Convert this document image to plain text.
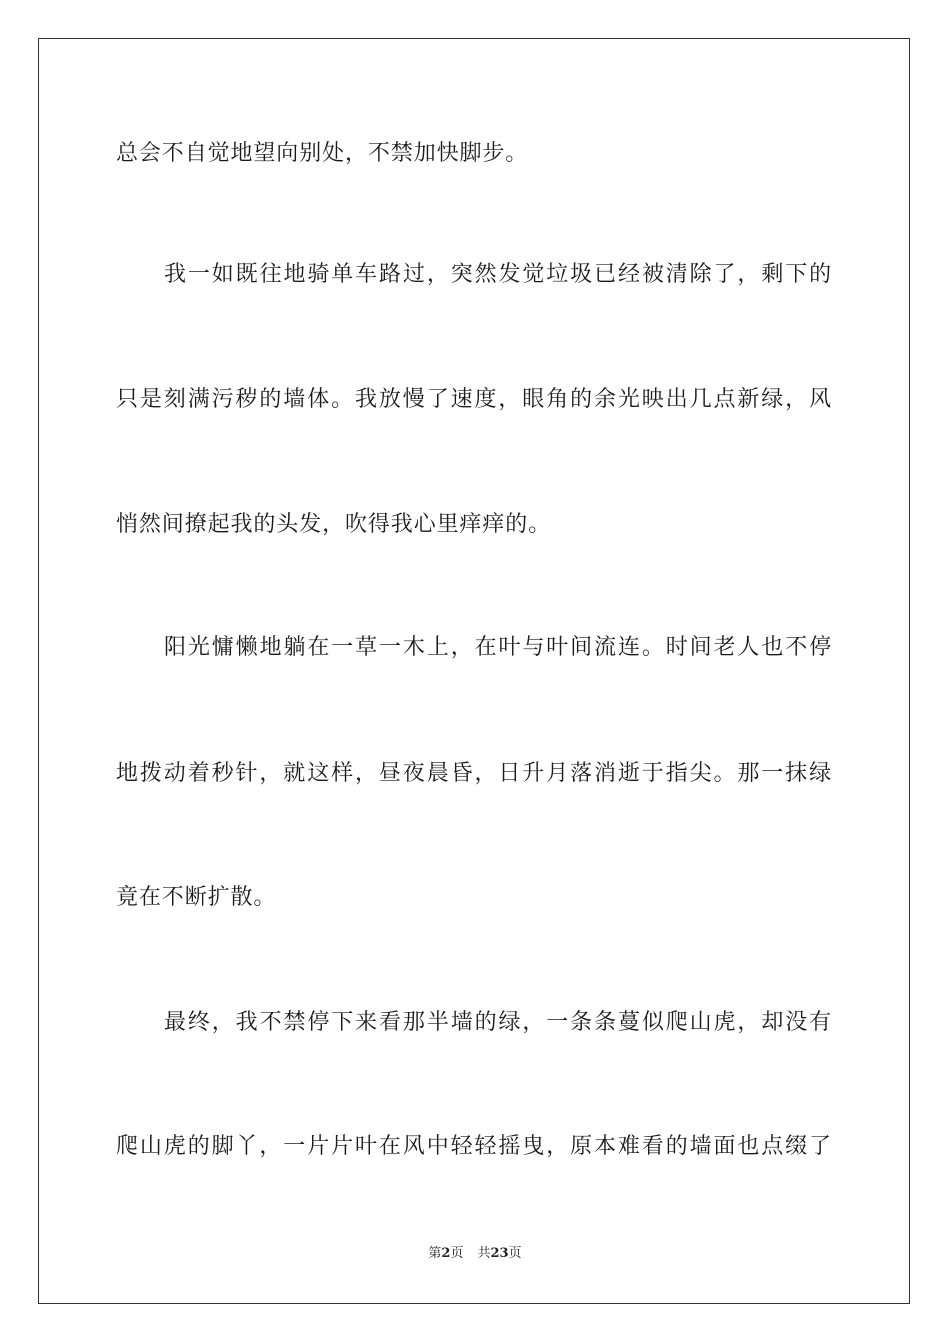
总会不自觉地望向别处，不禁加快脚步。
我一如既往地骑单车路过，突然发觉垃圾已经被清除了，剩下的
只是刻满污秽的墙体。我放慢了速度，眼角的余光映出几点新绿，风
悄然间撩起我的头发，吹得我心里痒痒的。
阳光慵懒地躺在一草一木上，在叶与叶间流连。时间老人也不停
地拨动着秒针，就这样，昼夜晨昏，日升月落消逝于指尖。那一抹绿
竟在不断扩散。
最终，我不禁停下来看那半墙的绿，一条条蔓似爬山虎，却没有
爬山虎的脚丫，一片片叶在风中轻轻摇曳，原本难看的墙面也点缀了
第2页 共23页
